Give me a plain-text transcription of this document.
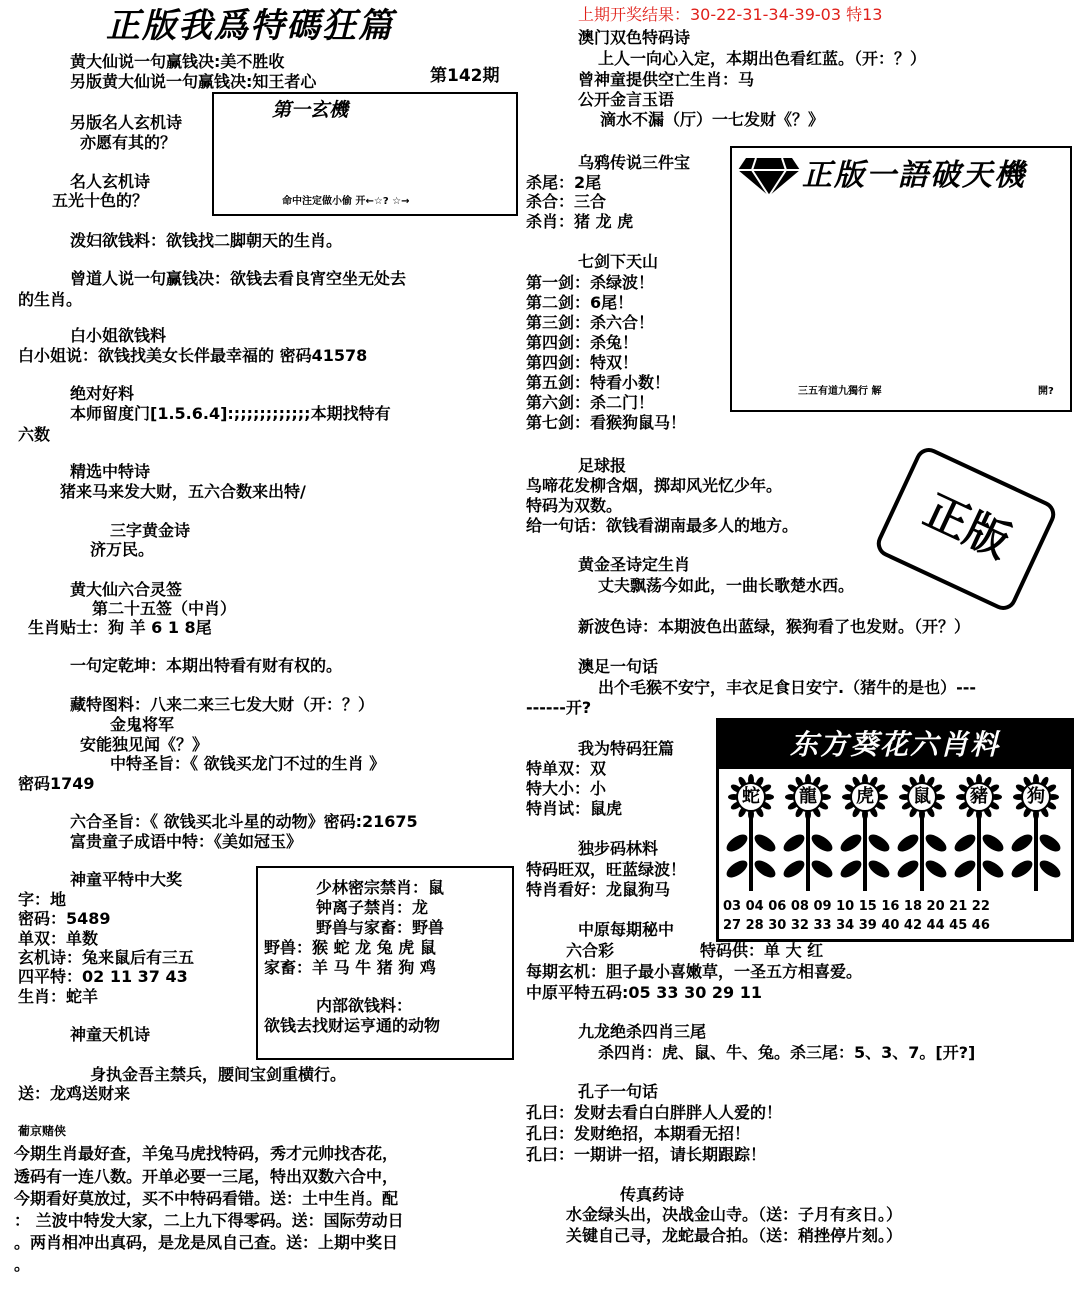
正版我爲特碼狂篇	上期开奖结果：30-22-31-34-39-03 特13
黄大仙说一句赢钱决:美不胜收
另版黄大仙说一句赢钱决:知王者心	第142期
第一玄機
命中注定做小偷 开←☆? ☆→
另版名人玄机诗
亦愿有其的？
名人玄机诗
五光十色的？
泼妇欲钱料：欲钱找二脚朝天的生肖。
曾道人说一句赢钱决：欲钱去看良宵空坐无处去
的生肖。
白小姐欲钱料
白小姐说：欲钱找美女长伴最幸福的 密码41578
绝对好料
本师留度门[1.5.6.4]:;;;;;;;;;;;;本期找特有
六数
精选中特诗
猪来马来发大财，五六合数来出特/
三字黄金诗
济万民。
黄大仙六合灵签
第二十五签（中肖）
生肖贴士：狗 羊 6 1 8尾
一句定乾坤：本期出特看有财有权的。
藏特图料：八来二来三七发大财（开：？）
金鬼将军
安能独见闻《？》
中特圣旨：《 欲钱买龙门不过的生肖 》
密码1749
六合圣旨：《 欲钱买北斗星的动物》密码:21675
富贵童子成语中特：《美如冠玉》
神童平特中大奖
字：地
密码：5489
单双：单数
玄机诗：兔来鼠后有三五
四平特：02 11 37 43
生肖：蛇羊
少林密宗禁肖：鼠
钟离子禁肖：龙
野兽与家畜：野兽
野兽：猴 蛇 龙 兔 虎 鼠
家畜：羊 马 牛 猪 狗 鸡
内部欲钱料：
欲钱去找财运亨通的动物
神童天机诗
身执金吾主禁兵，腰间宝剑重横行。
送：龙鸡送财来
葡京赌侠
今期生肖最好查，羊兔马虎找特码，秀才元帅找杏花，
透码有一连八数。开单必要一三尾，特出双数六合中，
今期看好莫放过，买不中特码看错。送：土中生肖。配
： 兰波中特发大家，二上九下得零码。送：国际劳动日
。两肖相冲出真码，是龙是凤自己查。送：上期中奖日
。
澳门双色特码诗
上人一向心入定，本期出色看红蓝。（开：？）
曾神童提供空亡生肖：马
公开金言玉语
滴水不漏（厅）一七发财《？》
乌鸦传说三件宝
杀尾：2尾
杀合：三合
杀肖：猪 龙 虎
七剑下天山
第一剑：杀绿波！
第二剑：6尾！
第三剑：杀六合！
第四剑：杀兔！
第四剑：特双！
第五剑：特看小数！
第六剑：杀二门！
第七剑：看猴狗鼠马！
正版一語破天機
三五有道九獨行 解	開?
足球报
鸟啼花发柳含烟，掷却风光忆少年。
特码为双数。
给一句话：欲钱看湖南最多人的地方。	正版
黄金圣诗定生肖
丈夫飘荡今如此，一曲长歌楚水西。
新波色诗：本期波色出蓝绿，猴狗看了也发财。（开？）
澳足一句话
出个毛猴不安宁，丰衣足食日安宁.（猪牛的是也）---
------开?
我为特码狂篇
特单双：双
特大小：小
特肖试：鼠虎
独步码林料
特码旺双，旺蓝绿波！
特肖看好：龙鼠狗马
东方葵花六肖料
蛇 龍 虎 鼠 豬 狗
03 04 06 08 09 10 15 16 18 20 21 22
27 28 30 32 33 34 39 40 42 44 45 46
中原每期秘中
六合彩	特码供：单 大 红
每期玄机：胆子最小喜嫩草，一圣五方相喜爱。
中原平特五码:05 33 30 29 11
九龙绝杀四肖三尾
杀四肖：虎、鼠、牛、兔。杀三尾：5、3、7。[开?]
孔子一句话
孔曰：发财去看白白胖胖人人爱的！
孔曰：发财绝招，本期看无招！
孔曰：一期讲一招，请长期跟踪！
传真药诗
水金绿头出，决战金山寺。（送：子月有亥日。）
关键自己寻，龙蛇最合拍。（送：稍挫停片刻。）
